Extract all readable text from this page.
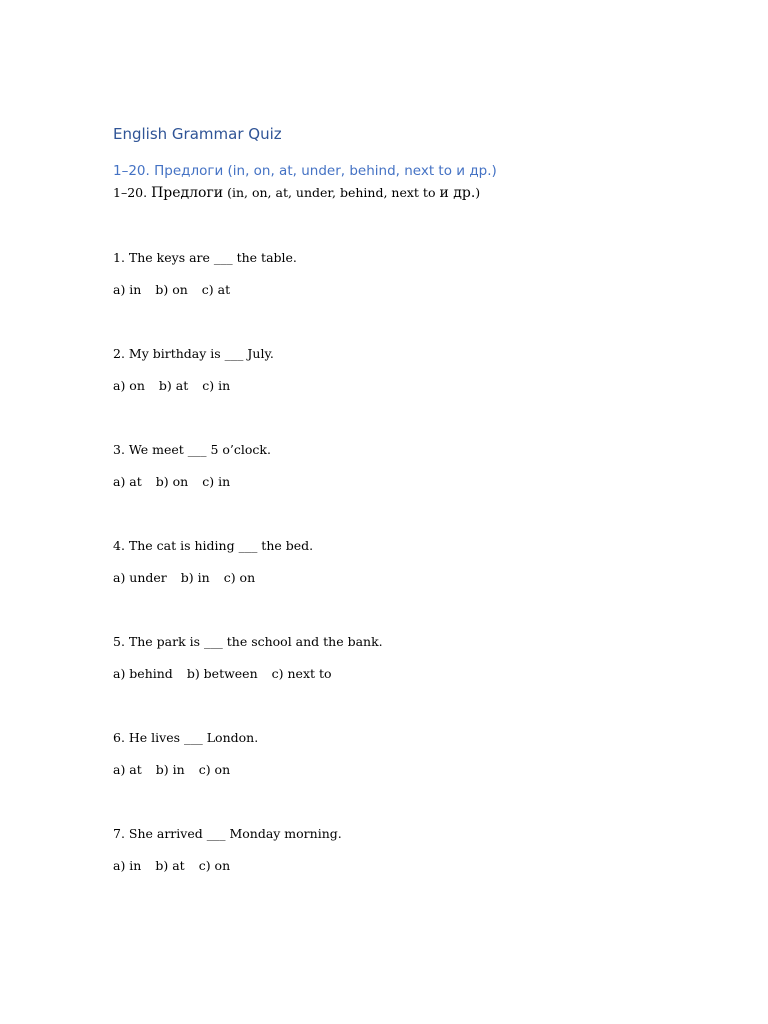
English Grammar Quiz
1–20. Предлоги (in, on, at, under, behind, next to и др.)
1–20. Предлоги (in, on, at, under, behind, next to и др.)
1. The keys are ___ the table.
a) in b) on c) at
2. My birthday is ___ July.
a) on b) at c) in
3. We meet ___ 5 o’clock.
a) at b) on c) in
4. The cat is hiding ___ the bed.
a) under b) in c) on
5. The park is ___ the school and the bank.
a) behind b) between c) next to
6. He lives ___ London.
a) at b) in c) on
7. She arrived ___ Monday morning.
a) in b) at c) on
